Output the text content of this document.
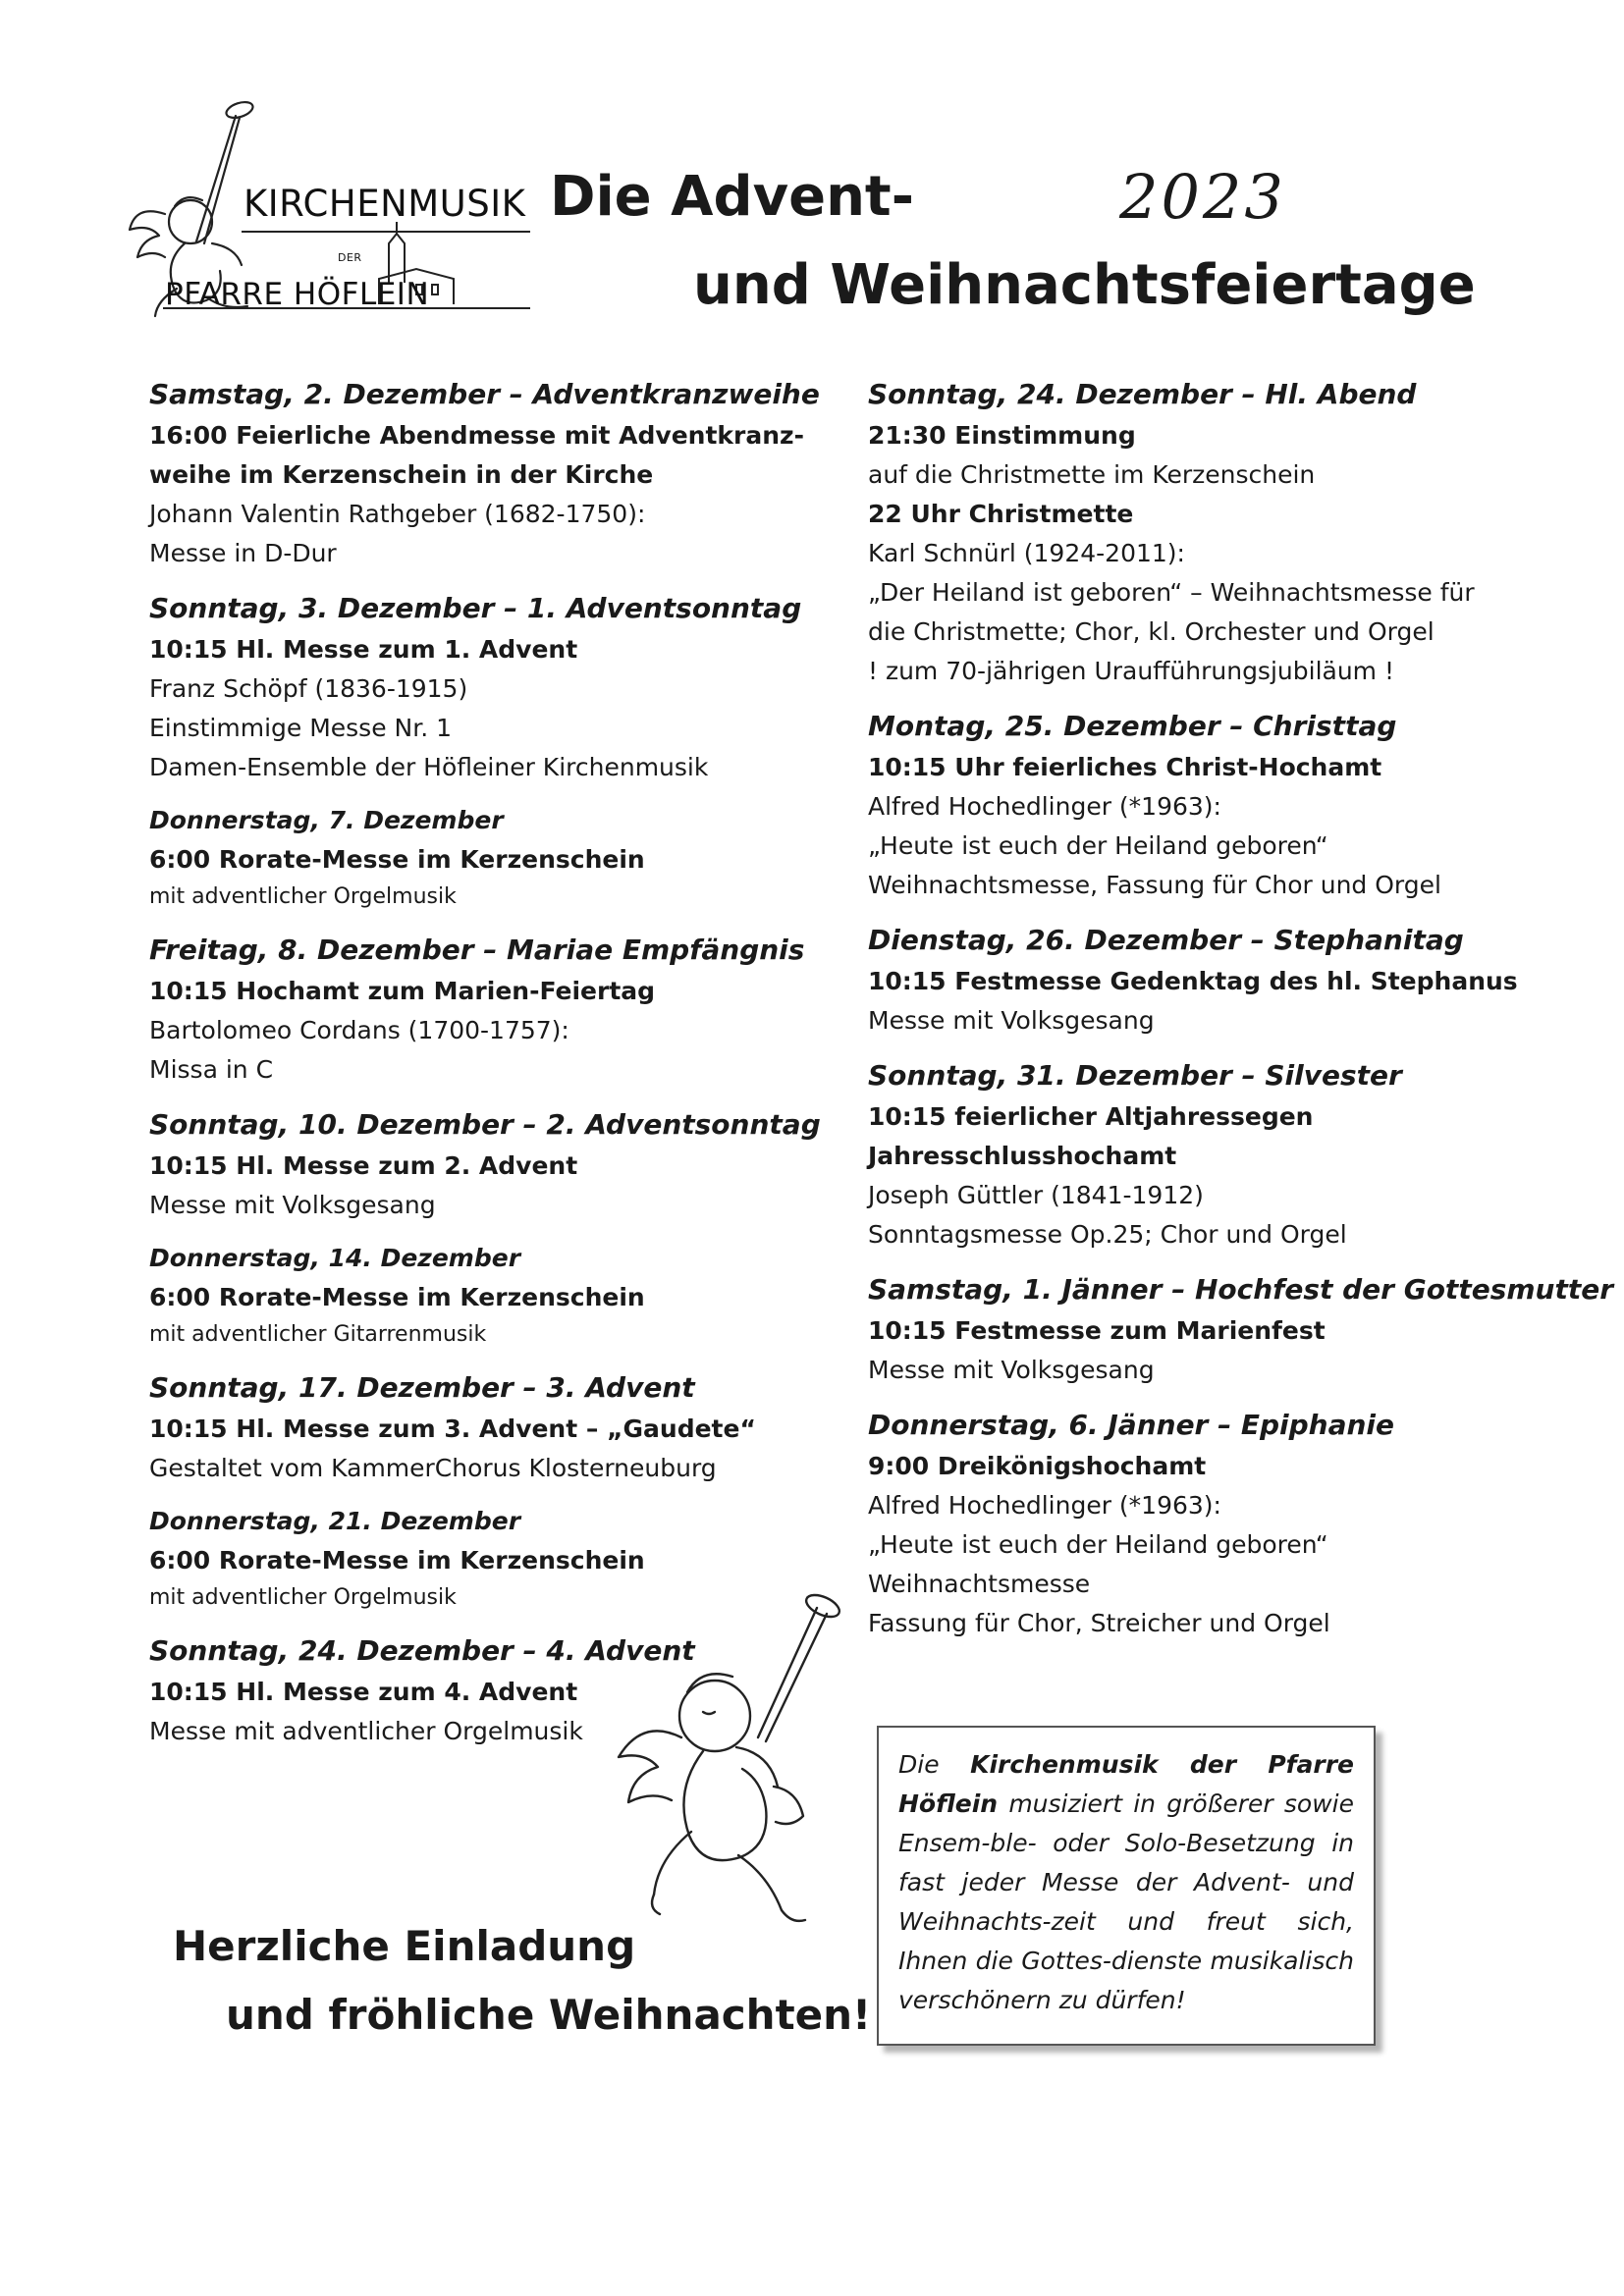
KIRCHENMUSIK
DER
PFARRE HÖFLEIN
Die Advent-	2023
und Weihnachtsfeiertage
Samstag, 2. Dezember – Adventkranzweihe
16:00 Feierliche Abendmesse mit Adventkranz-
weihe im Kerzenschein in der Kirche
Johann Valentin Rathgeber (1682-1750):
Messe in D-Dur
Sonntag, 3. Dezember – 1. Adventsonntag
10:15 Hl. Messe zum 1. Advent
Franz Schöpf (1836-1915)
Einstimmige Messe Nr. 1
Damen-Ensemble der Höfleiner Kirchenmusik
Donnerstag, 7. Dezember
6:00 Rorate-Messe im Kerzenschein
mit adventlicher Orgelmusik
Freitag, 8. Dezember – Mariae Empfängnis
10:15 Hochamt zum Marien-Feiertag
Bartolomeo Cordans (1700-1757):
Missa in C
Sonntag, 10. Dezember – 2. Adventsonntag
10:15 Hl. Messe zum 2. Advent
Messe mit Volksgesang
Donnerstag, 14. Dezember
6:00 Rorate-Messe im Kerzenschein
mit adventlicher Gitarrenmusik
Sonntag, 17. Dezember – 3. Advent
10:15 Hl. Messe zum 3. Advent – „Gaudete“
Gestaltet vom KammerChorus Klosterneuburg
Donnerstag, 21. Dezember
6:00 Rorate-Messe im Kerzenschein
mit adventlicher Orgelmusik
Sonntag, 24. Dezember – 4. Advent
10:15 Hl. Messe zum 4. Advent
Messe mit adventlicher Orgelmusik
Sonntag, 24. Dezember – Hl. Abend
21:30 Einstimmung
auf die Christmette im Kerzenschein
22 Uhr Christmette
Karl Schnürl (1924-2011):
„Der Heiland ist geboren“ – Weihnachtsmesse für
die Christmette; Chor, kl. Orchester und Orgel
! zum 70-jährigen Uraufführungsjubiläum !
Montag, 25. Dezember – Christtag
10:15 Uhr feierliches Christ-Hochamt
Alfred Hochedlinger (*1963):
„Heute ist euch der Heiland geboren“
Weihnachtsmesse, Fassung für Chor und Orgel
Dienstag, 26. Dezember – Stephanitag
10:15 Festmesse Gedenktag des hl. Stephanus
Messe mit Volksgesang
Sonntag, 31. Dezember – Silvester
10:15 feierlicher Altjahressegen
Jahresschlusshochamt
Joseph Güttler (1841-1912)
Sonntagsmesse Op.25; Chor und Orgel
Samstag, 1. Jänner – Hochfest der Gottesmutter
10:15 Festmesse zum Marienfest
Messe mit Volksgesang
Donnerstag, 6. Jänner – Epiphanie
9:00 Dreikönigshochamt
Alfred Hochedlinger (*1963):
„Heute ist euch der Heiland geboren“
Weihnachtsmesse
Fassung für Chor, Streicher und Orgel
Herzliche Einladung
und fröhliche Weihnachten!
Die Kirchenmusik der Pfarre Höflein musiziert in größerer sowie Ensem-ble- oder Solo-Besetzung in fast jeder Messe der Advent- und Weihnachts-zeit und freut sich, Ihnen die Gottes-dienste musikalisch verschönern zu dürfen!
